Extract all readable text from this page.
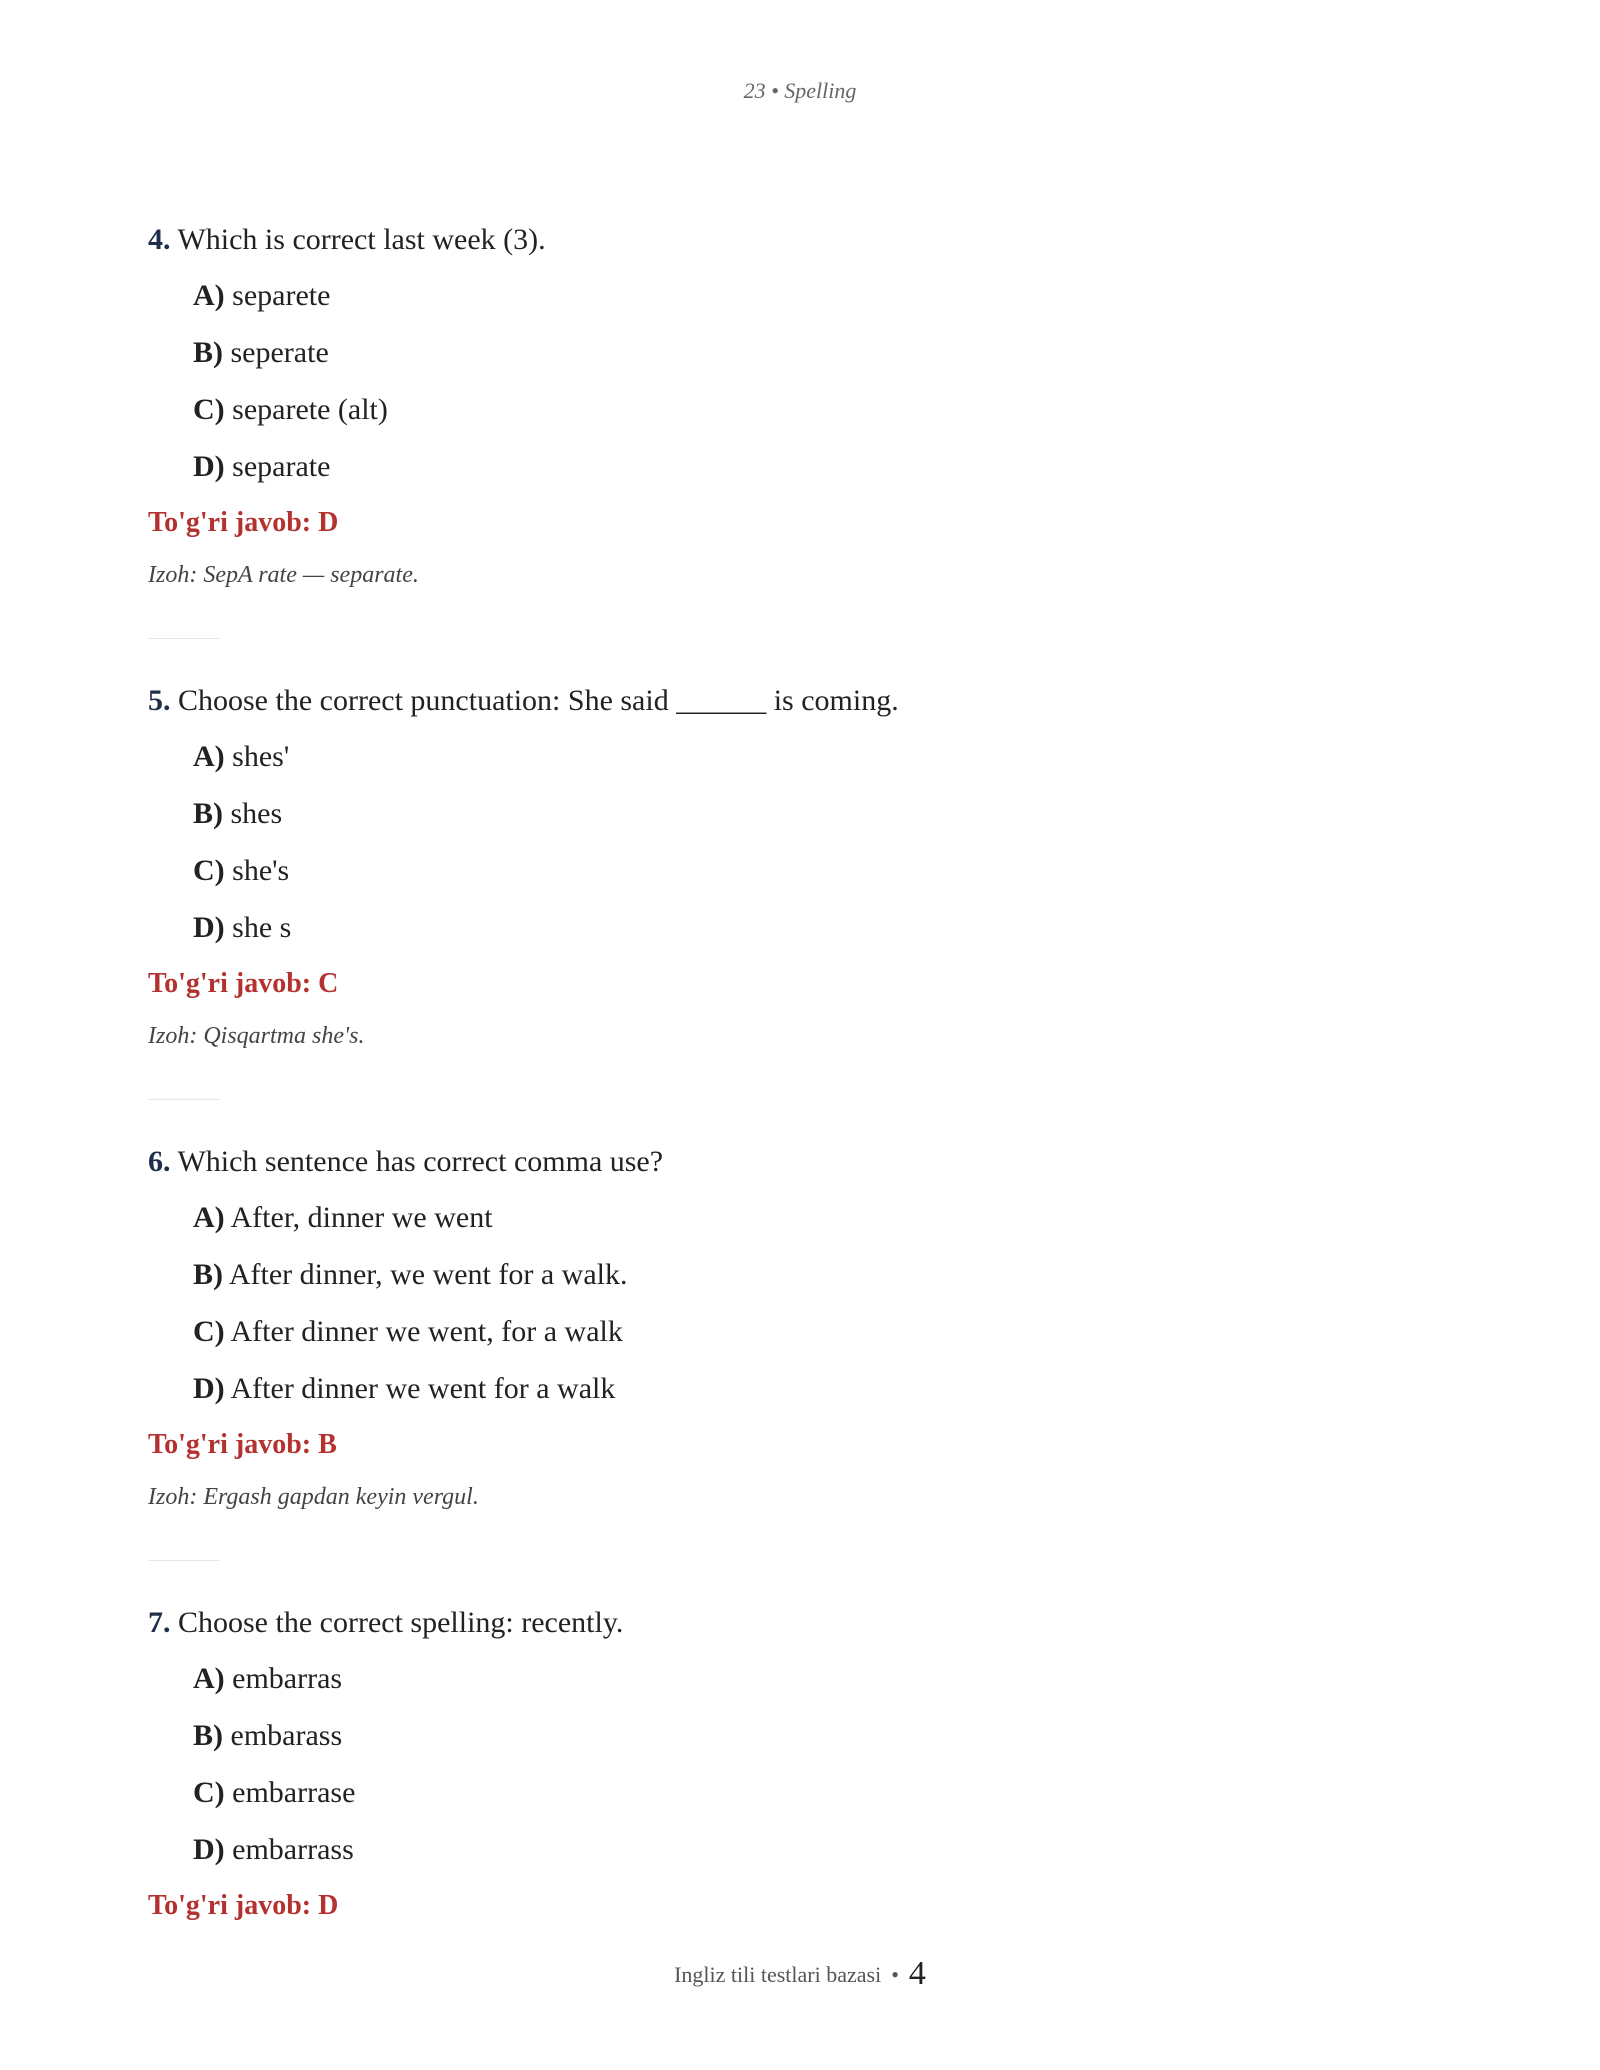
23 • Spelling
4. Which is correct last week (3).
A) separete
B) seperate
C) separete (alt)
D) separate
To'g'ri javob: D
Izoh: SepA rate — separate.
5. Choose the correct punctuation: She said ______ is coming.
A) shes'
B) shes
C) she's
D) she s
To'g'ri javob: C
Izoh: Qisqartma she's.
6. Which sentence has correct comma use?
A) After, dinner we went
B) After dinner, we went for a walk.
C) After dinner we went, for a walk
D) After dinner we went for a walk
To'g'ri javob: B
Izoh: Ergash gapdan keyin vergul.
7. Choose the correct spelling: recently.
A) embarras
B) embarass
C) embarrase
D) embarrass
To'g'ri javob: D
Ingliz tili testlari bazasi • 4
